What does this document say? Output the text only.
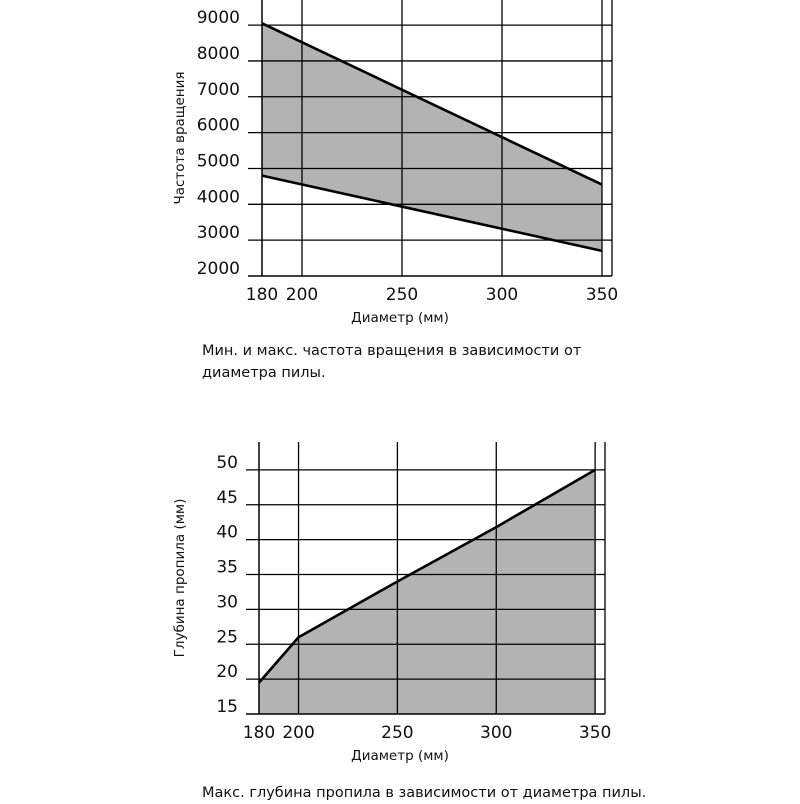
180 200	250	300	350
2000
3000
4000
5000
6000
7000
8000
9000
Диаметр (мм)
Частота вращения
Мин. и макс. частота вращения в зависимости от диаметра пилы.
180 200	250	300	350
15
20
25
30
35
40
45
50
Диаметр (мм)
Глубина пропила (мм)
Макс. глубина пропила в зависимости от диаметра пилы.
